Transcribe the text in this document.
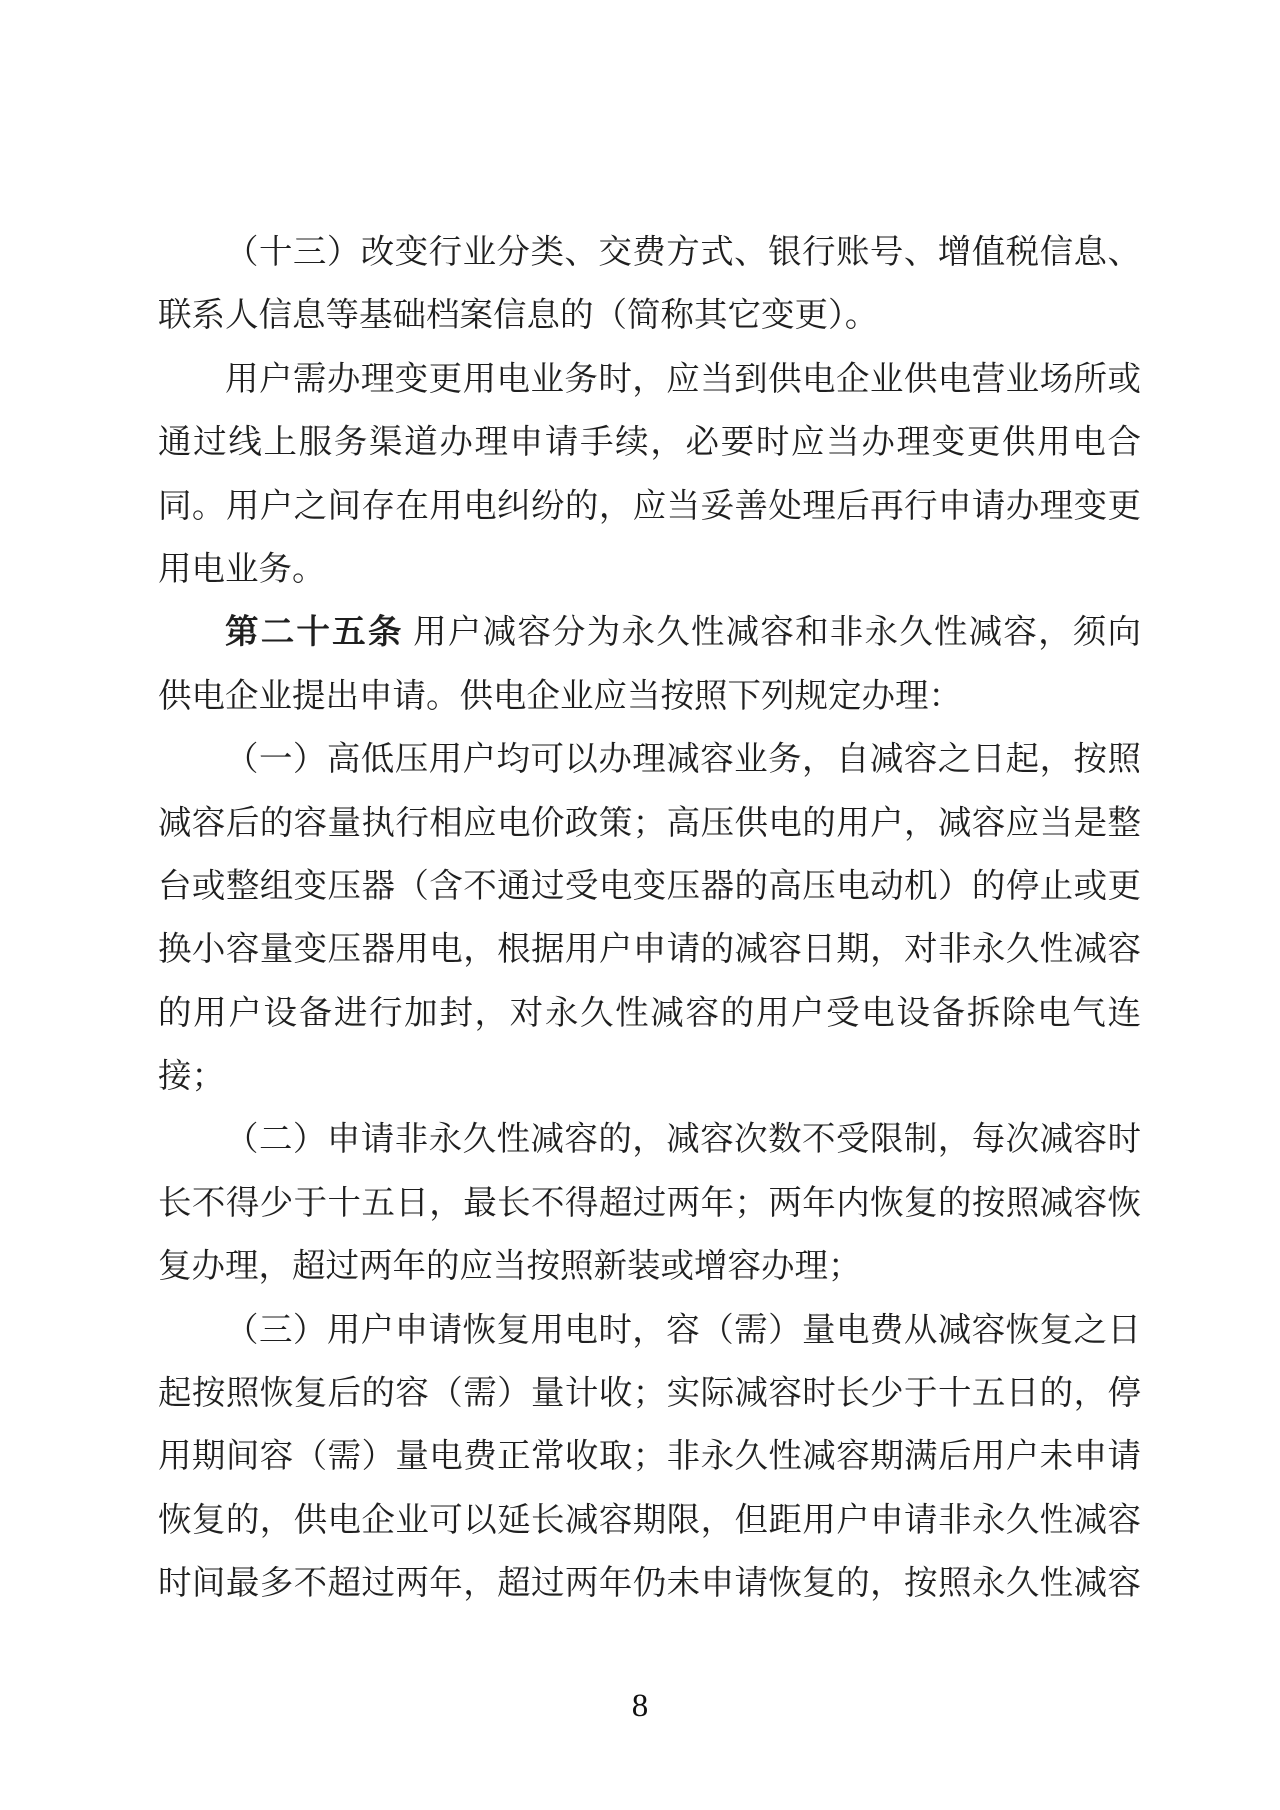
（十三）改变行业分类、交费方式、银行账号、增值税信息、
联系人信息等基础档案信息的（简称其它变更）。
用户需办理变更用电业务时，应当到供电企业供电营业场所或
通过线上服务渠道办理申请手续，必要时应当办理变更供用电合
同。用户之间存在用电纠纷的，应当妥善处理后再行申请办理变更
用电业务。
第二十五条 用户减容分为永久性减容和非永久性减容，须向
供电企业提出申请。供电企业应当按照下列规定办理：
（一）高低压用户均可以办理减容业务，自减容之日起，按照
减容后的容量执行相应电价政策；高压供电的用户，减容应当是整
台或整组变压器（含不通过受电变压器的高压电动机）的停止或更
换小容量变压器用电，根据用户申请的减容日期，对非永久性减容
的用户设备进行加封，对永久性减容的用户受电设备拆除电气连
接；
（二）申请非永久性减容的，减容次数不受限制，每次减容时
长不得少于十五日，最长不得超过两年；两年内恢复的按照减容恢
复办理，超过两年的应当按照新装或增容办理；
（三）用户申请恢复用电时，容（需）量电费从减容恢复之日
起按照恢复后的容（需）量计收；实际减容时长少于十五日的，停
用期间容（需）量电费正常收取；非永久性减容期满后用户未申请
恢复的，供电企业可以延长减容期限，但距用户申请非永久性减容
时间最多不超过两年，超过两年仍未申请恢复的，按照永久性减容
8
